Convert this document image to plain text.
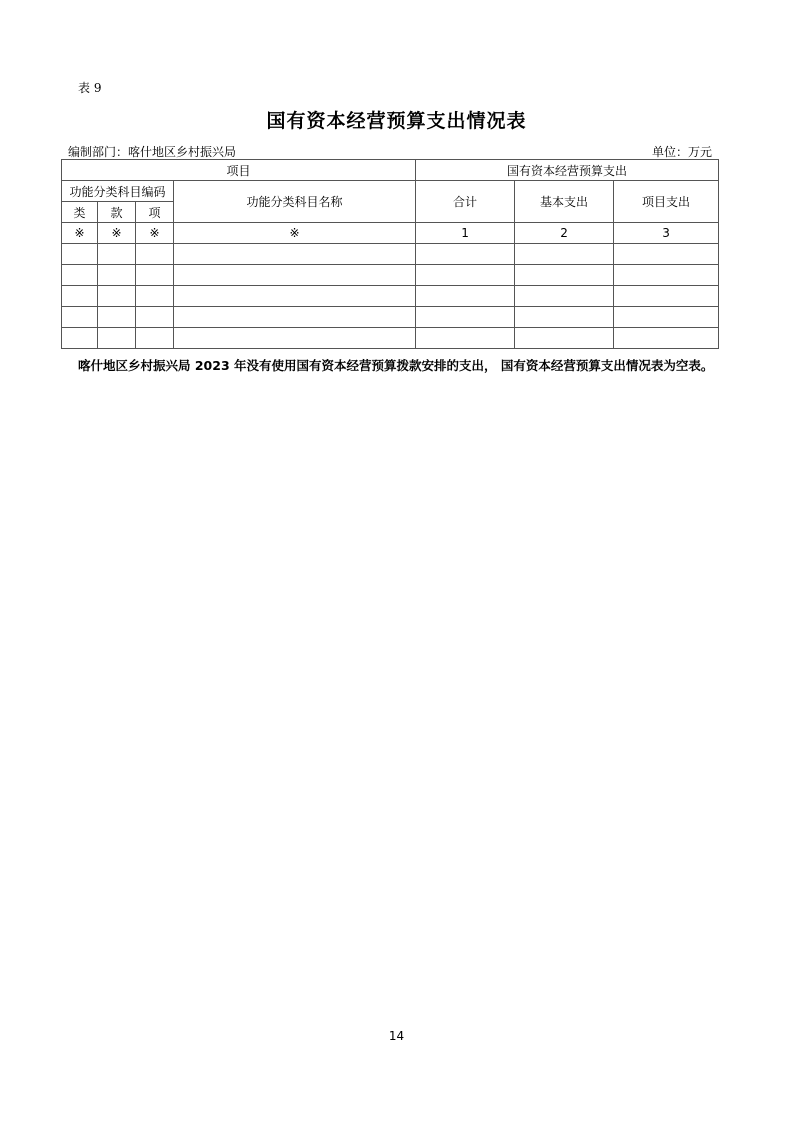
表 9
国有资本经营预算支出情况表
编制部门：喀什地区乡村振兴局	单位：万元
项目				国有资本经营预算支出		
功能分类科目编码			功能分类科目名称	合计	基本支出	项目支出
类	款	项				
※	※	※	※	1	2	3

喀什地区乡村振兴局 2023 年没有使用国有资本经营预算拨款安排的支出， 国有资本经营预算支出情况表为空表。
14
